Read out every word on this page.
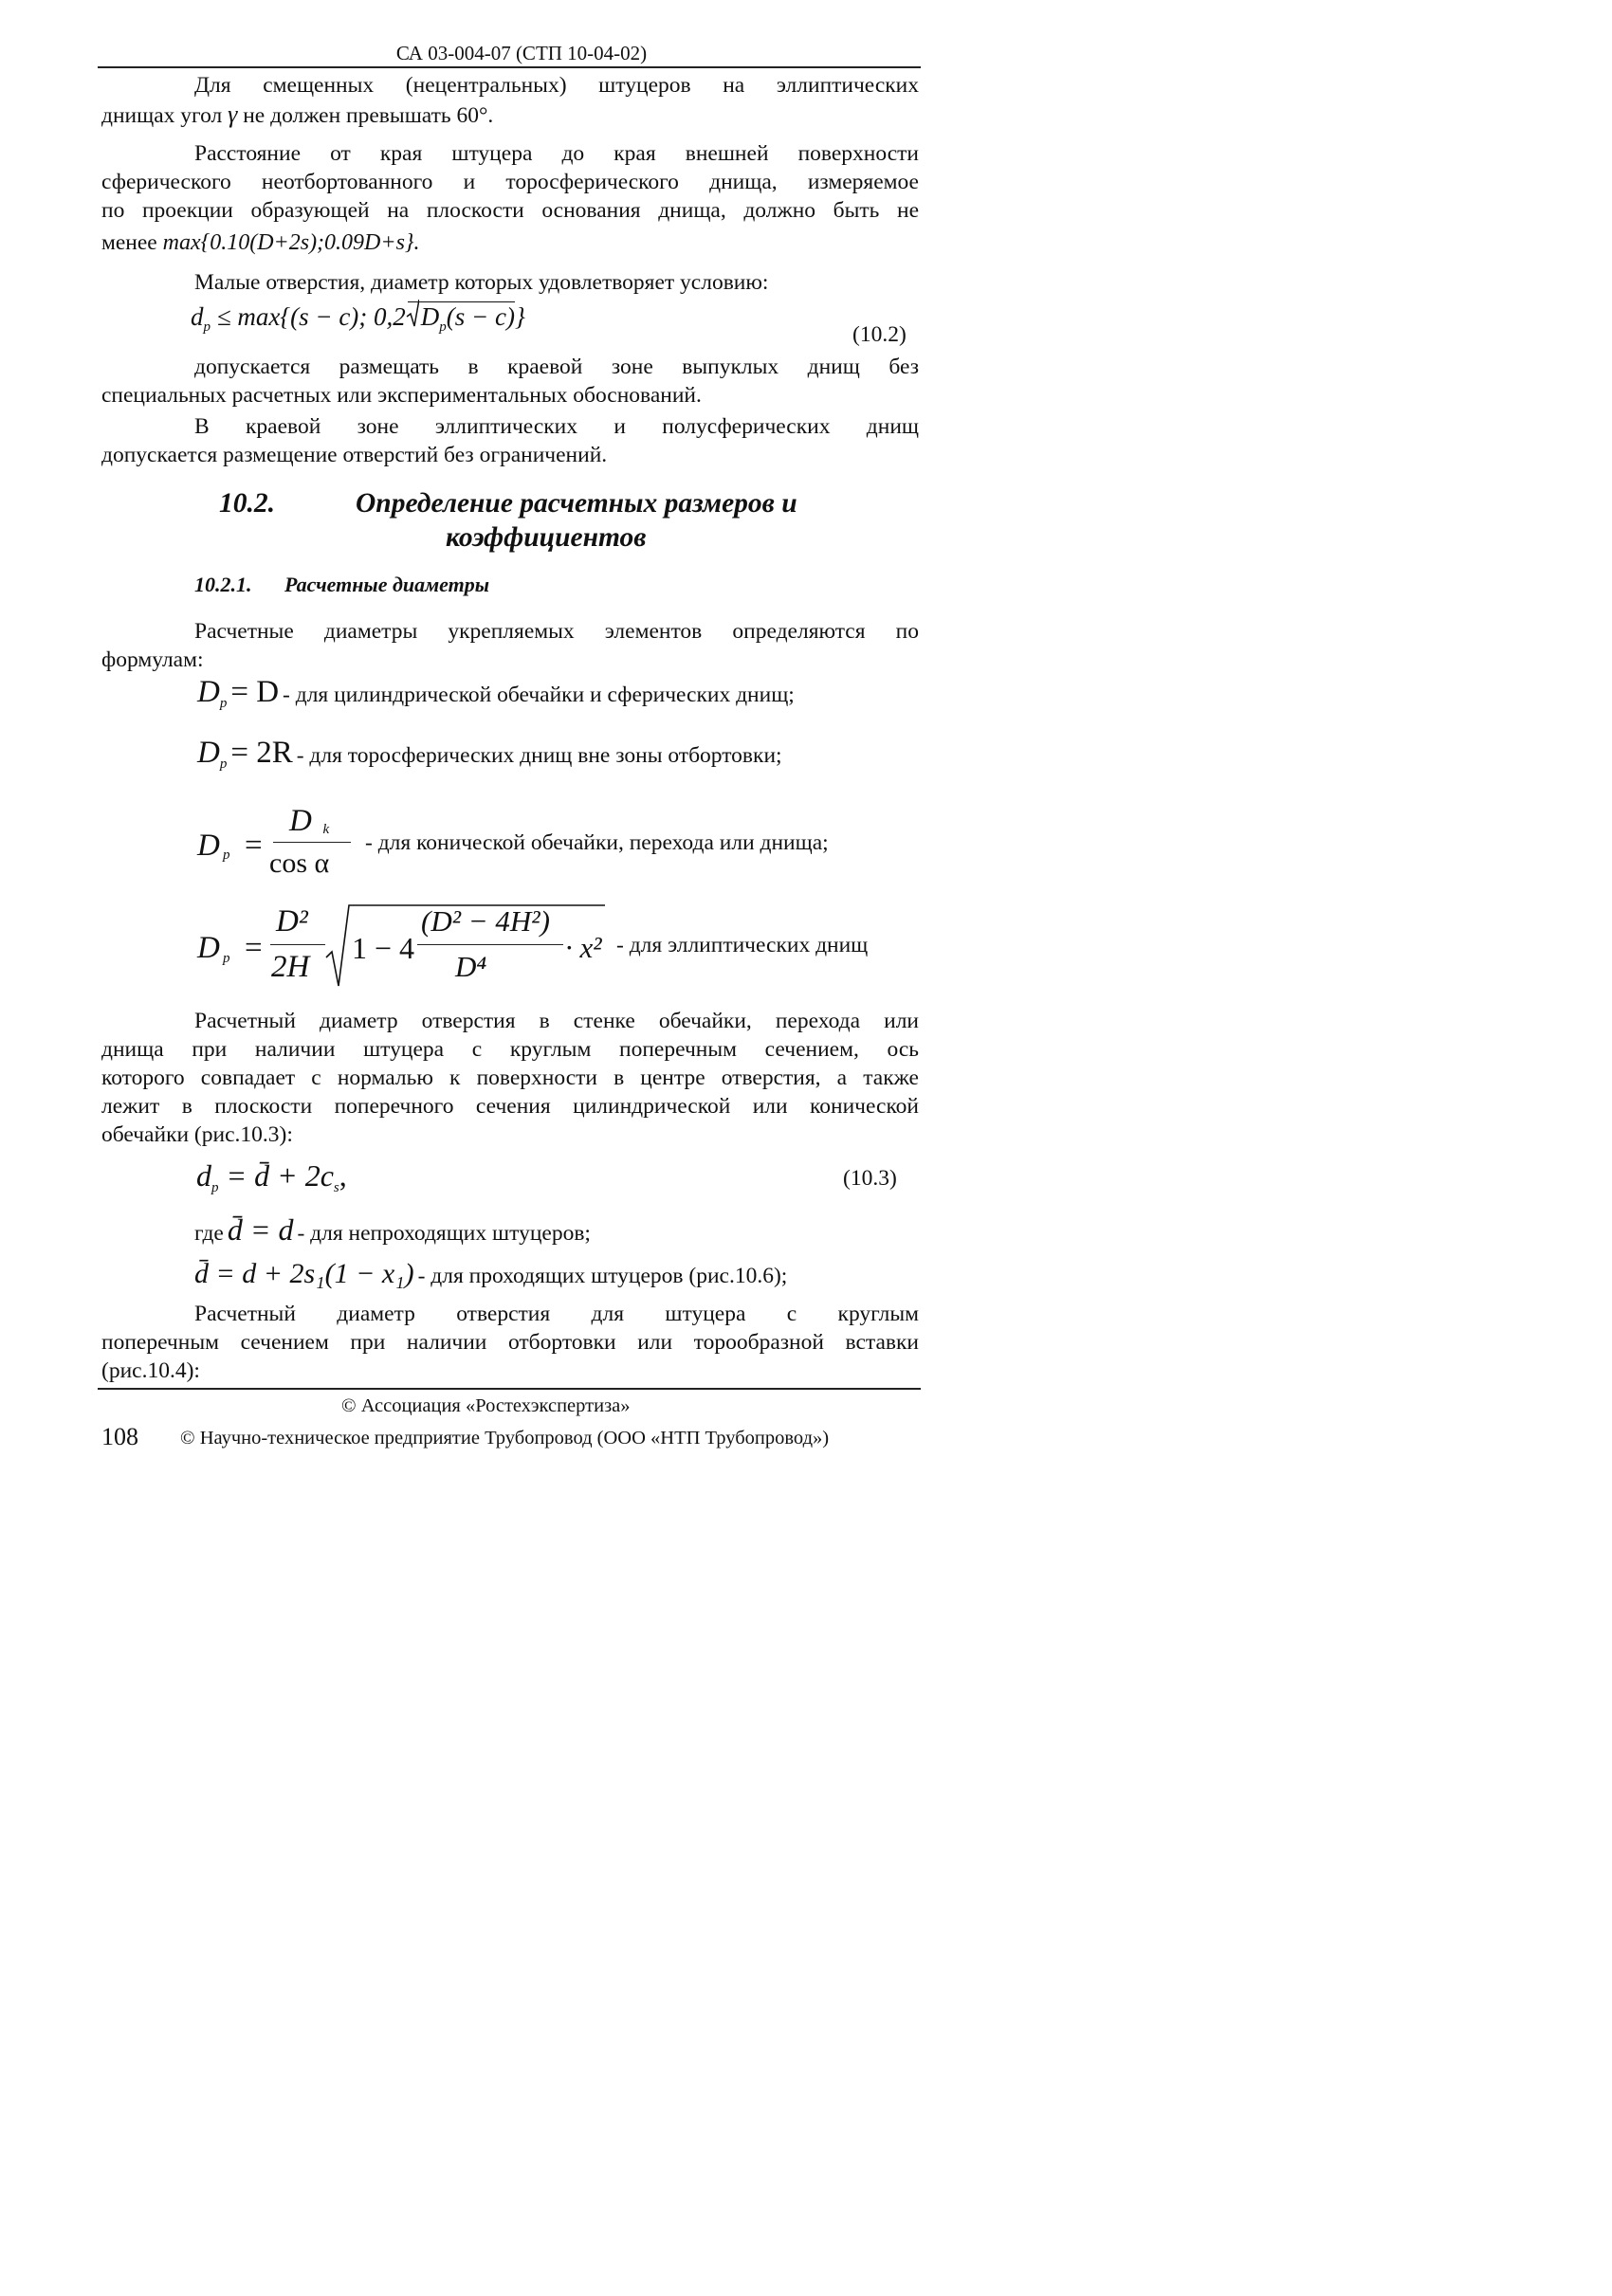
СА 03-004-07 (СТП 10-04-02)
Для смещенных (нецентральных) штуцеров на эллиптических
днищах угол γ не должен превышать 60°.
Расстояние от края штуцера до края внешней поверхности
сферического неотбортованного и торосферического днища, измеряемое
по проекции образующей на плоскости основания днища, должно быть не
менее max{0.10(D+2s);0.09D+s}.
Малые отверстия, диаметр которых удовлетворяет условию:
$d_p \le \max\{(s - c)$; 0,2 $D_p(s - c)$}
(10.2)
допускается размещать в краевой зоне выпуклых днищ без
специальных расчетных или экспериментальных обоснований.
В краевой зоне эллиптических и полусферических днищ
допускается размещение отверстий без ограничений.
10.2.	Определение расчетных размеров и
коэффициентов
10.2.1. Расчетные диаметры
Расчетные диаметры укрепляемых элементов определяются по
формулам:
Dp = D - для цилиндрической обечайки и сферических днищ;
Dp = 2R - для торосферических днищ вне зоны отбортовки;
D p =
D k
cos α
- для конической обечайки, перехода или днища;
D p =
D²
2H
1 − 4
(D² − 4H²)
D⁴
· x² - для эллиптических днищ
Расчетный диаметр отверстия в стенке обечайки, перехода или
днища при наличии штуцера с круглым поперечным сечением, ось
которого совпадает с нормалью к поверхности в центре отверстия, а также
лежит в плоскости поперечного сечения цилиндрической или конической
обечайки (рис.10.3):
dp = d̄ + 2cs,	(10.3)
где d̄ = d - для непроходящих штуцеров;
d̄ = d + 2s₁(1 − x₁) - для проходящих штуцеров (рис.10.6);
Расчетный диаметр отверстия для штуцера с круглым
поперечным сечением при наличии отбортовки или торообразной вставки
(рис.10.4):
© Ассоциация «Ростехэкспертиза»
108 © Научно-техническое предприятие Трубопровод (ООО «НТП Трубопровод»)
